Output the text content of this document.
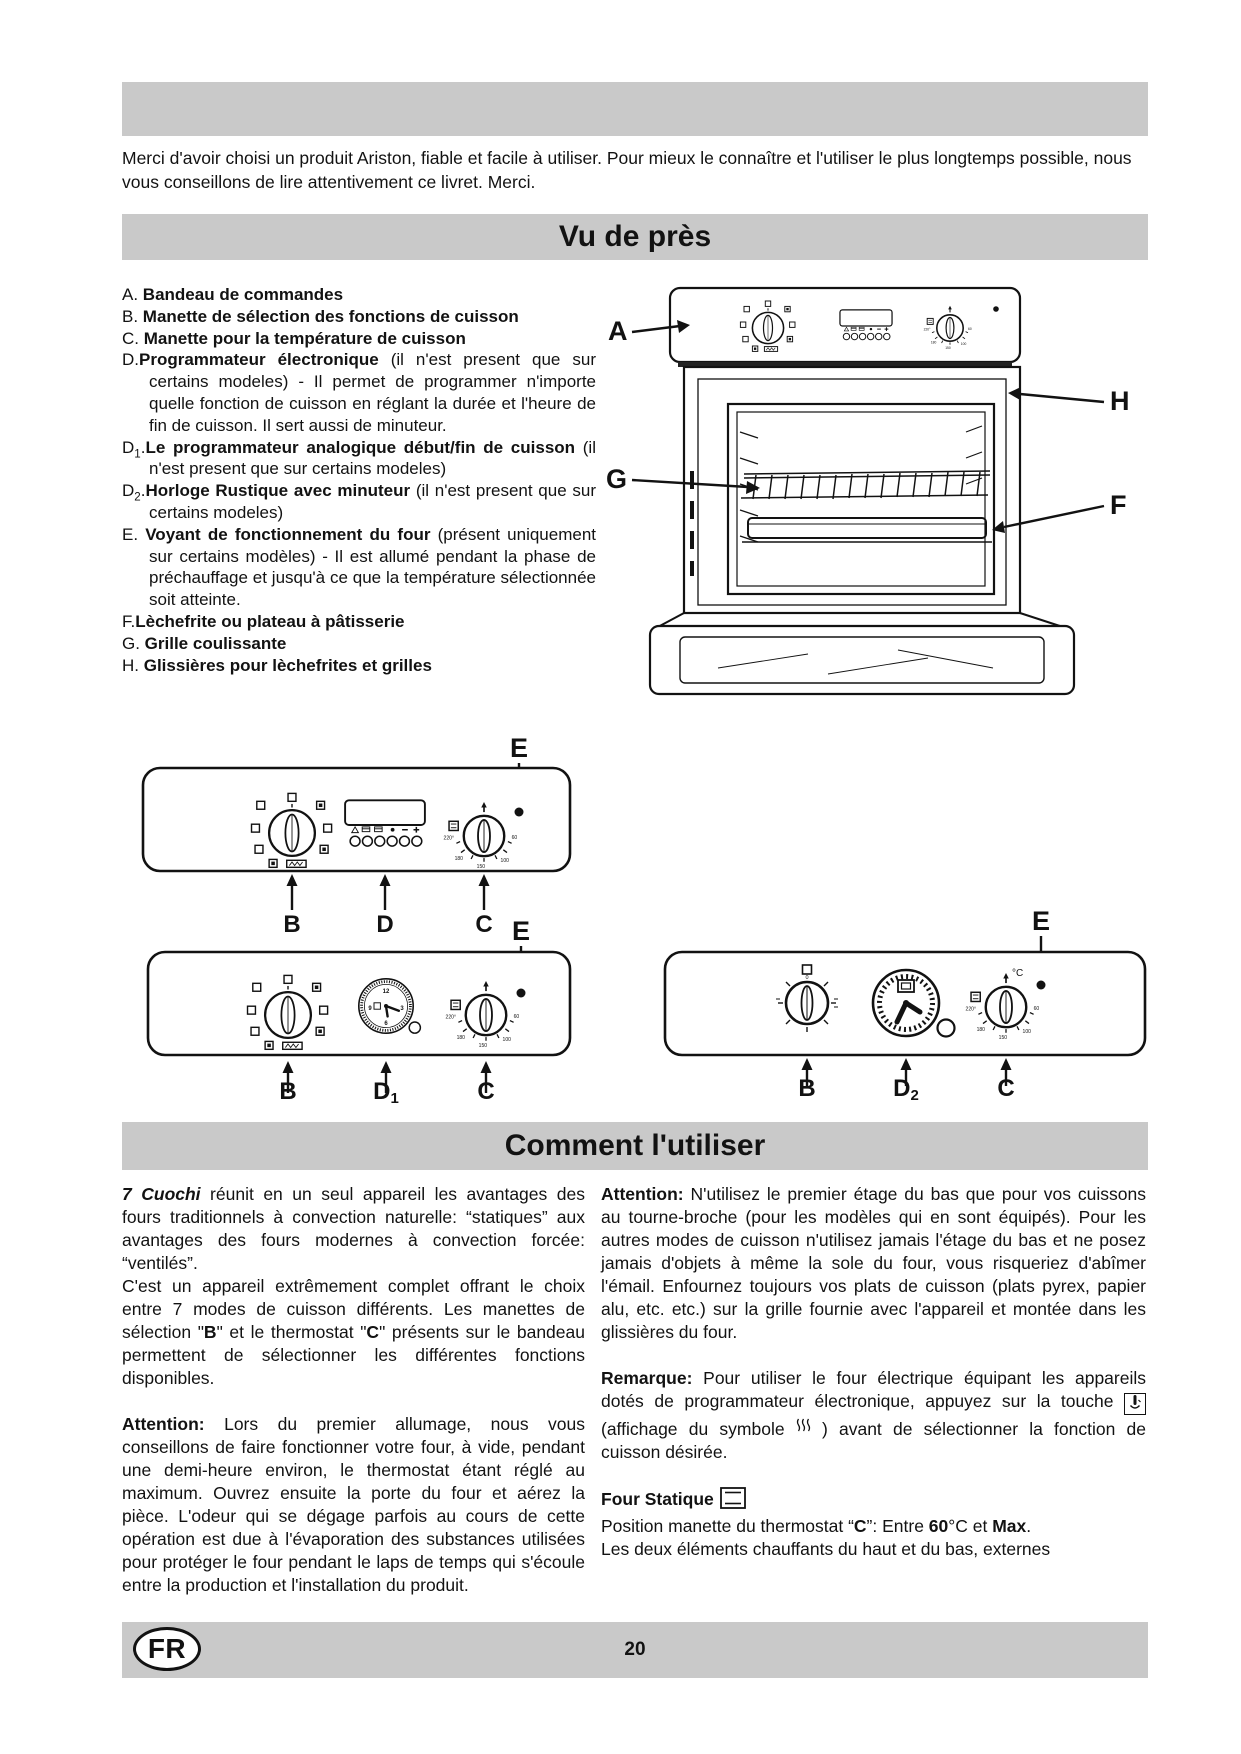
Merci d'avoir choisi un produit Ariston, fiable et facile à utiliser. Pour mieux le connaître et l'utiliser le plus longtemps possible, nous vous conseillons de lire attentivement ce livret. Merci.

Vu de près
A. Bandeau de commandes
B. Manette de sélection des fonctions de cuisson
C. Manette pour la température de cuisson
D.Programmateur électronique (il n'est present que sur certains modeles) - Il permet de programmer n'importe quelle fonction de cuisson en réglant la durée et l'heure de fin de cuisson. Il sert aussi de minuteur.
$D_1.Le$ programmateur analogique début/fin de cuisson (il n'est present que sur certains modeles)
$D_2.Horloge$ Rustique avec minuteur (il n'est present que sur certains modeles)
E. Voyant de fonctionnement du four (présent uniquement sur certains modèles) - Il est allumé pendant la phase de préchauffage et jusqu'à ce que la température sélectionnée soit atteinte.
F.Lèchefrite ou plateau à pâtisserie
G. Grille coulissante
H. Glissières pour lèchefrites et grilles
A
H
G
F
E
B	D	C E
B	D1	C
E
°C
B	D2	C
Comment l'utiliser

7 Cuochi réunit en un seul appareil les avantages des fours traditionnels à convection naturelle: “statiques” aux avantages des fours modernes à convection forcée: “ventilés”.

C'est un appareil extrêmement complet offrant le choix entre 7 modes de cuisson différents. Les manettes de sélection "B" et le thermostat "C" présents sur le bandeau permettent de sélectionner les différentes fonctions disponibles.

Attention: Lors du premier allumage, nous vous conseillons de faire fonctionner votre four, à vide, pendant une demi-heure environ, le thermostat étant réglé au maximum. Ouvrez ensuite la porte du four et aérez la pièce. L'odeur qui se dégage parfois au cours de cette opération est due à l'évaporation des substances utilisées pour protéger le four pendant le laps de temps qui s'écoule entre la production et l'installation du produit.

Attention: N'utilisez le premier étage du bas que pour vos cuissons au tourne-broche (pour les modèles qui en sont équipés). Pour les autres modes de cuisson n'utilisez jamais l'étage du bas et ne posez jamais d'objets à même la sole du four, vous risqueriez d'abîmer l'émail. Enfournez toujours vos plats de cuisson (plats pyrex, papier alu, etc. etc.) sur la grille fournie avec l'appareil et montée dans les glissières du four.

Remarque: Pour utiliser le four électrique équipant les appareils dotés de programmateur électronique, appuyez sur la touche  (affichage du symbole  ) avant de sélectionner la fonction de cuisson désirée.

Four Statique

Position manette du thermostat “C”: Entre 60°C et Max.

Les deux éléments chauffants du haut et du bas, externes

20
FR
